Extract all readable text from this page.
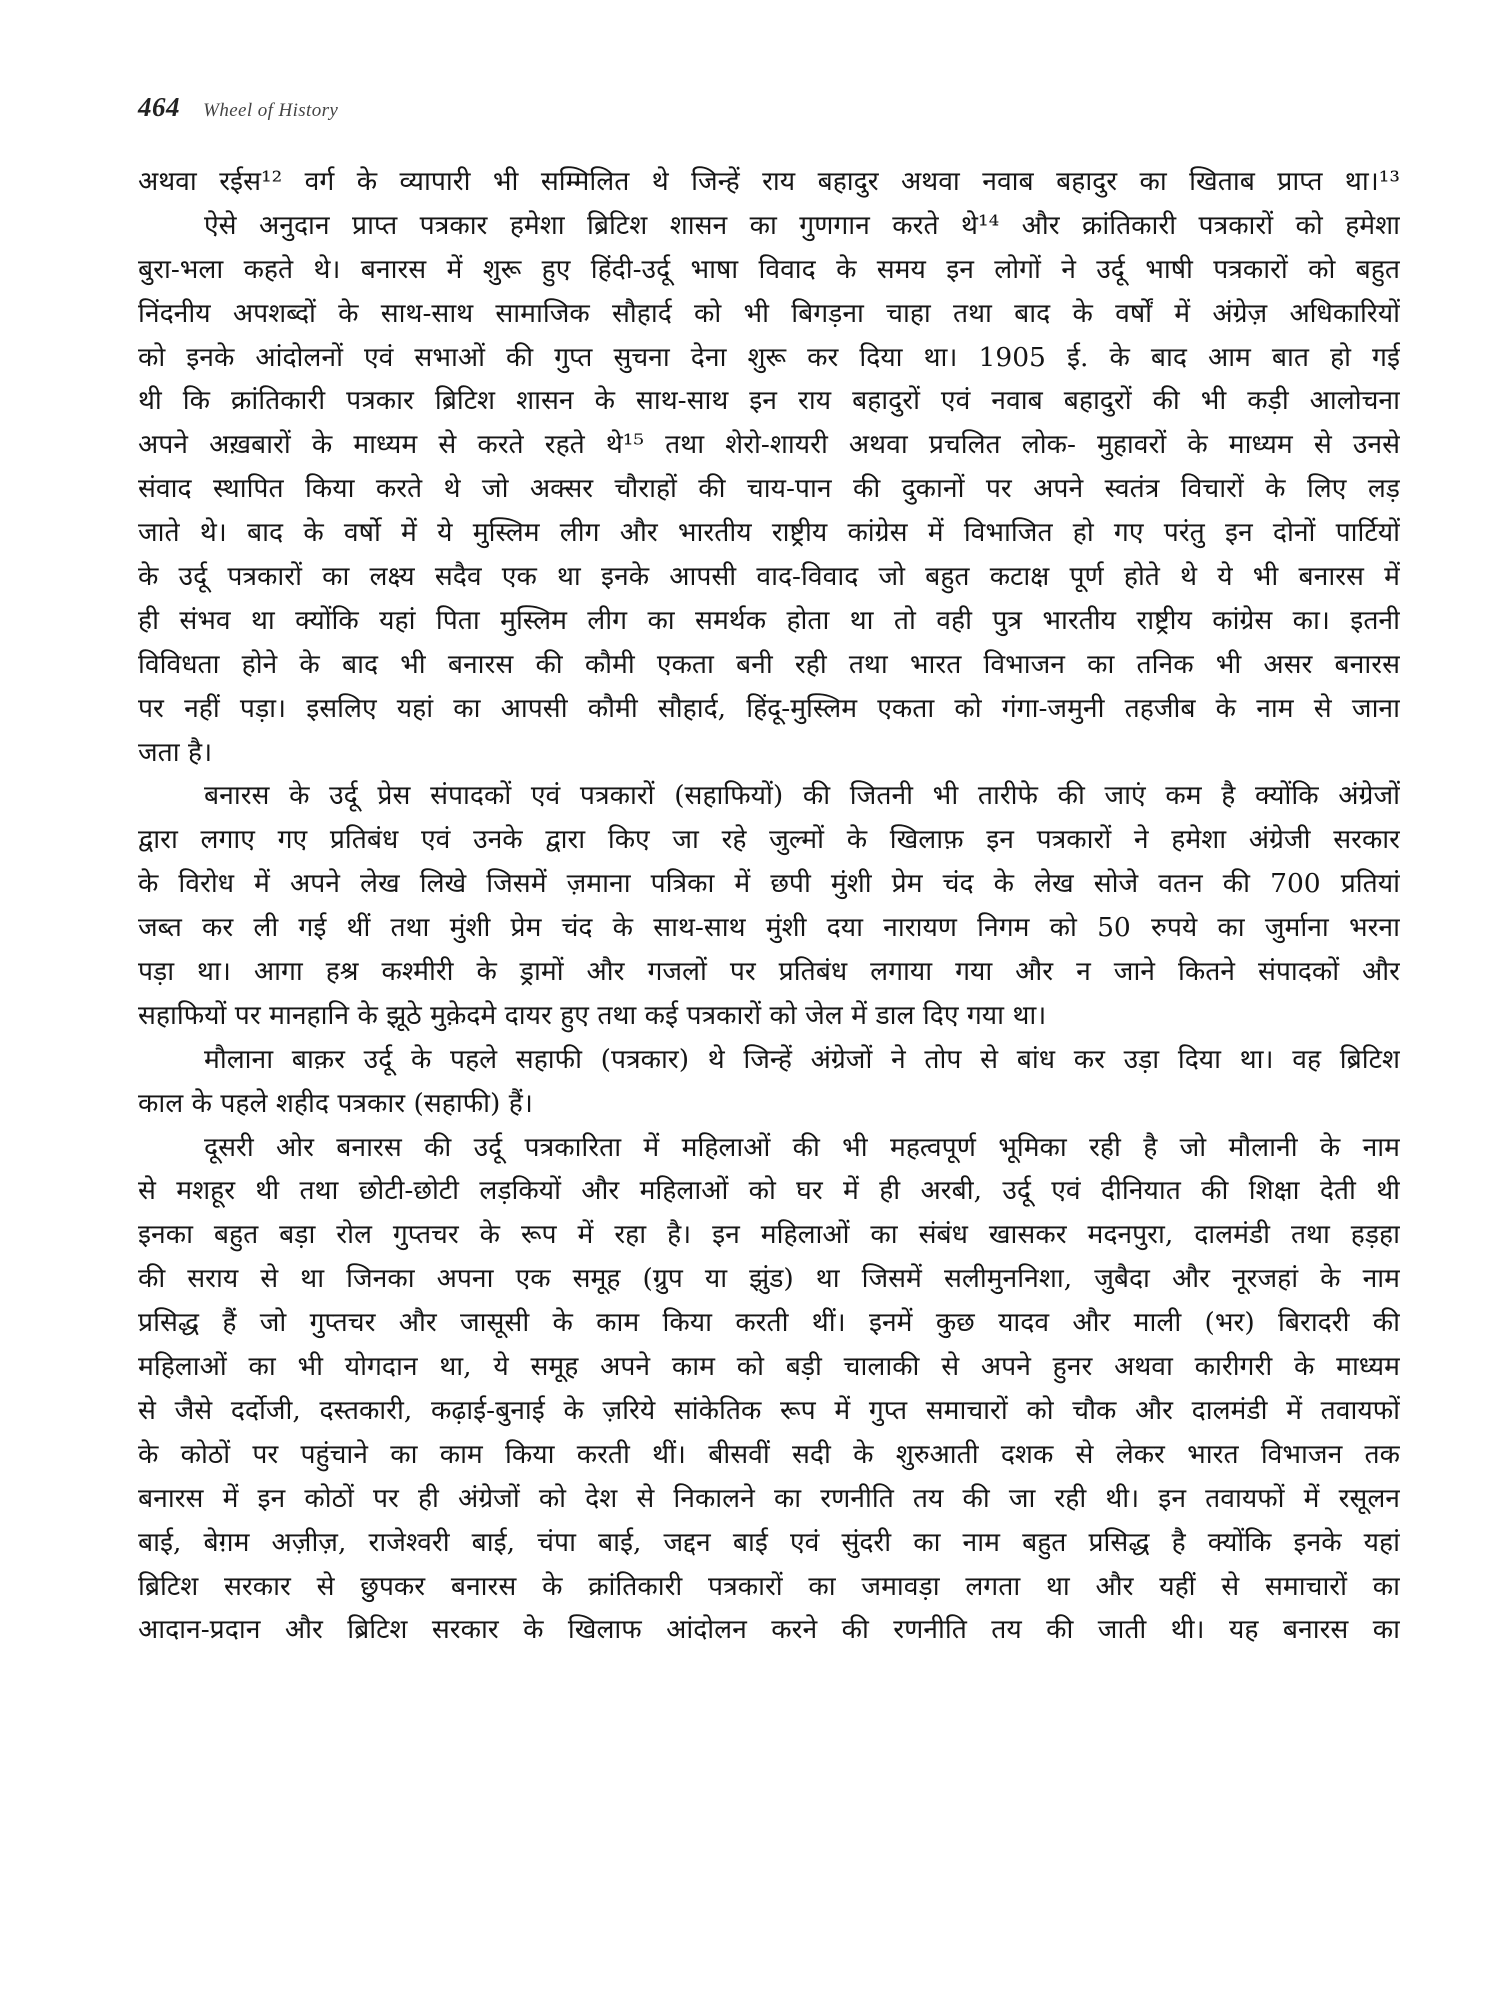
464 Wheel of History
अथवा रईस¹² वर्ग के व्यापारी भी सम्मिलित थे जिन्हें राय बहादुर अथवा नवाब बहादुर का खिताब प्राप्त था।¹³
ऐसे अनुदान प्राप्त पत्रकार हमेशा ब्रिटिश शासन का गुणगान करते थे¹⁴ और क्रांतिकारी पत्रकारों को हमेशा
बुरा-भला कहते थे। बनारस में शुरू हुए हिंदी-उर्दू भाषा विवाद के समय इन लोगों ने उर्दू भाषी पत्रकारों को बहुत
निंदनीय अपशब्दों के साथ-साथ सामाजिक सौहार्द को भी बिगड़ना चाहा तथा बाद के वर्षों में अंग्रेज़ अधिकारियों
को इनके आंदोलनों एवं सभाओं की गुप्त सुचना देना शुरू कर दिया था। 1905 ई. के बाद आम बात हो गई
थी कि क्रांतिकारी पत्रकार ब्रिटिश शासन के साथ-साथ इन राय बहादुरों एवं नवाब बहादुरों की भी कड़ी आलोचना
अपने अख़बारों के माध्यम से करते रहते थे¹⁵ तथा शेरो-शायरी अथवा प्रचलित लोक- मुहावरों के माध्यम से उनसे
संवाद स्थापित किया करते थे जो अक्सर चौराहों की चाय-पान की दुकानों पर अपने स्वतंत्र विचारों के लिए लड़
जाते थे। बाद के वर्षो में ये मुस्लिम लीग और भारतीय राष्ट्रीय कांग्रेस में विभाजित हो गए परंतु इन दोनों पार्टियों
के उर्दू पत्रकारों का लक्ष्य सदैव एक था इनके आपसी वाद-विवाद जो बहुत कटाक्ष पूर्ण होते थे ये भी बनारस में
ही संभव था क्योंकि यहां पिता मुस्लिम लीग का समर्थक होता था तो वही पुत्र भारतीय राष्ट्रीय कांग्रेस का। इतनी
विविधता होने के बाद भी बनारस की कौमी एकता बनी रही तथा भारत विभाजन का तनिक भी असर बनारस
पर नहीं पड़ा। इसलिए यहां का आपसी कौमी सौहार्द, हिंदू-मुस्लिम एकता को गंगा-जमुनी तहजीब के नाम से जाना
जता है।
बनारस के उर्दू प्रेस संपादकों एवं पत्रकारों (सहाफियों) की जितनी भी तारीफे की जाएं कम है क्योंकि अंग्रेजों
द्वारा लगाए गए प्रतिबंध एवं उनके द्वारा किए जा रहे जुल्मों के खिलाफ़ इन पत्रकारों ने हमेशा अंग्रेजी सरकार
के विरोध में अपने लेख लिखे जिसमें ज़माना पत्रिका में छपी मुंशी प्रेम चंद के लेख सोजे वतन की 700 प्रतियां
जब्त कर ली गई थीं तथा मुंशी प्रेम चंद के साथ-साथ मुंशी दया नारायण निगम को 50 रुपये का जुर्माना भरना
पड़ा था। आगा हश्र कश्मीरी के ड्रामों और गजलों पर प्रतिबंध लगाया गया और न जाने कितने संपादकों और
सहाफियों पर मानहानि के झूठे मुक़ेदमे दायर हुए तथा कई पत्रकारों को जेल में डाल दिए गया था।
मौलाना बाक़र उर्दू के पहले सहाफी (पत्रकार) थे जिन्हें अंग्रेजों ने तोप से बांध कर उड़ा दिया था। वह ब्रिटिश
काल के पहले शहीद पत्रकार (सहाफी) हैं।
दूसरी ओर बनारस की उर्दू पत्रकारिता में महिलाओं की भी महत्वपूर्ण भूमिका रही है जो मौलानी के नाम
से मशहूर थी तथा छोटी-छोटी लड़कियों और महिलाओं को घर में ही अरबी, उर्दू एवं दीनियात की शिक्षा देती थी
इनका बहुत बड़ा रोल गुप्तचर के रूप में रहा है। इन महिलाओं का संबंध खासकर मदनपुरा, दालमंडी तथा हड़हा
की सराय से था जिनका अपना एक समूह (ग्रुप या झुंड) था जिसमें सलीमुननिशा, जुबैदा और नूरजहां के नाम
प्रसिद्ध हैं जो गुप्तचर और जासूसी के काम किया करती थीं। इनमें कुछ यादव और माली (भर) बिरादरी की
महिलाओं का भी योगदान था, ये समूह अपने काम को बड़ी चालाकी से अपने हुनर अथवा कारीगरी के माध्यम
से जैसे दर्दोजी, दस्तकारी, कढ़ाई-बुनाई के ज़रिये सांकेतिक रूप में गुप्त समाचारों को चौक और दालमंडी में तवायफों
के कोठों पर पहुंचाने का काम किया करती थीं। बीसवीं सदी के शुरुआती दशक से लेकर भारत विभाजन तक
बनारस में इन कोठों पर ही अंग्रेजों को देश से निकालने का रणनीति तय की जा रही थी। इन तवायफों में रसूलन
बाई, बेग़म अज़ीज़, राजेश्वरी बाई, चंपा बाई, जद्दन बाई एवं सुंदरी का नाम बहुत प्रसिद्ध है क्योंकि इनके यहां
ब्रिटिश सरकार से छुपकर बनारस के क्रांतिकारी पत्रकारों का जमावड़ा लगता था और यहीं से समाचारों का
आदान-प्रदान और ब्रिटिश सरकार के खिलाफ आंदोलन करने की रणनीति तय की जाती थी। यह बनारस का
